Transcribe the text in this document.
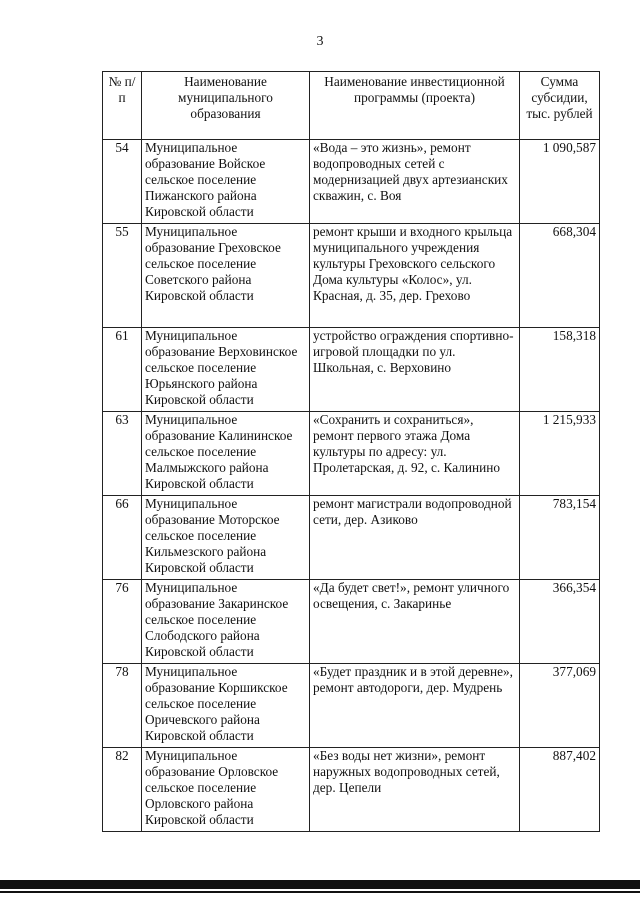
3
№ п/п	Наименование муниципального образования	Наименование инвестиционной программы (проекта)	Сумма субсидии, тыс. рублей
54	Муниципальное образование Войское сельское поселение Пижанского района Кировской области	«Вода – это жизнь», ремонт водопроводных сетей с модернизацией двух артезианских скважин, с. Воя	1 090,587
55	Муниципальное образование Греховское сельское поселение Советского района Кировской области	ремонт крыши и входного крыльца муниципального учреждения культуры Греховского сельского Дома культуры «Колос», ул. Красная, д. 35, дер. Грехово	668,304
61	Муниципальное образование Верховинское сельское поселение Юрьянского района Кировской области	устройство ограждения спортивно-игровой площадки по ул. Школьная, с. Верховино	158,318
63	Муниципальное образование Калининское сельское поселение Малмыжского района Кировской области	«Сохранить и сохраниться», ремонт первого этажа Дома культуры по адресу: ул. Пролетарская, д. 92, с. Калинино	1 215,933
66	Муниципальное образование Моторское сельское поселение Кильмезского района Кировской области	ремонт магистрали водопроводной сети, дер. Азиково	783,154
76	Муниципальное образование Закаринское сельское поселение Слободского района Кировской области	«Да будет свет!», ремонт уличного освещения, с. Закаринье	366,354
78	Муниципальное образование Коршикское сельское поселение Оричевского района Кировской области	«Будет праздник и в этой деревне», ремонт автодороги, дер. Мудрень	377,069
82	Муниципальное образование Орловское сельское поселение Орловского района Кировской области	«Без воды нет жизни», ремонт наружных водопроводных сетей, дер. Цепели	887,402
